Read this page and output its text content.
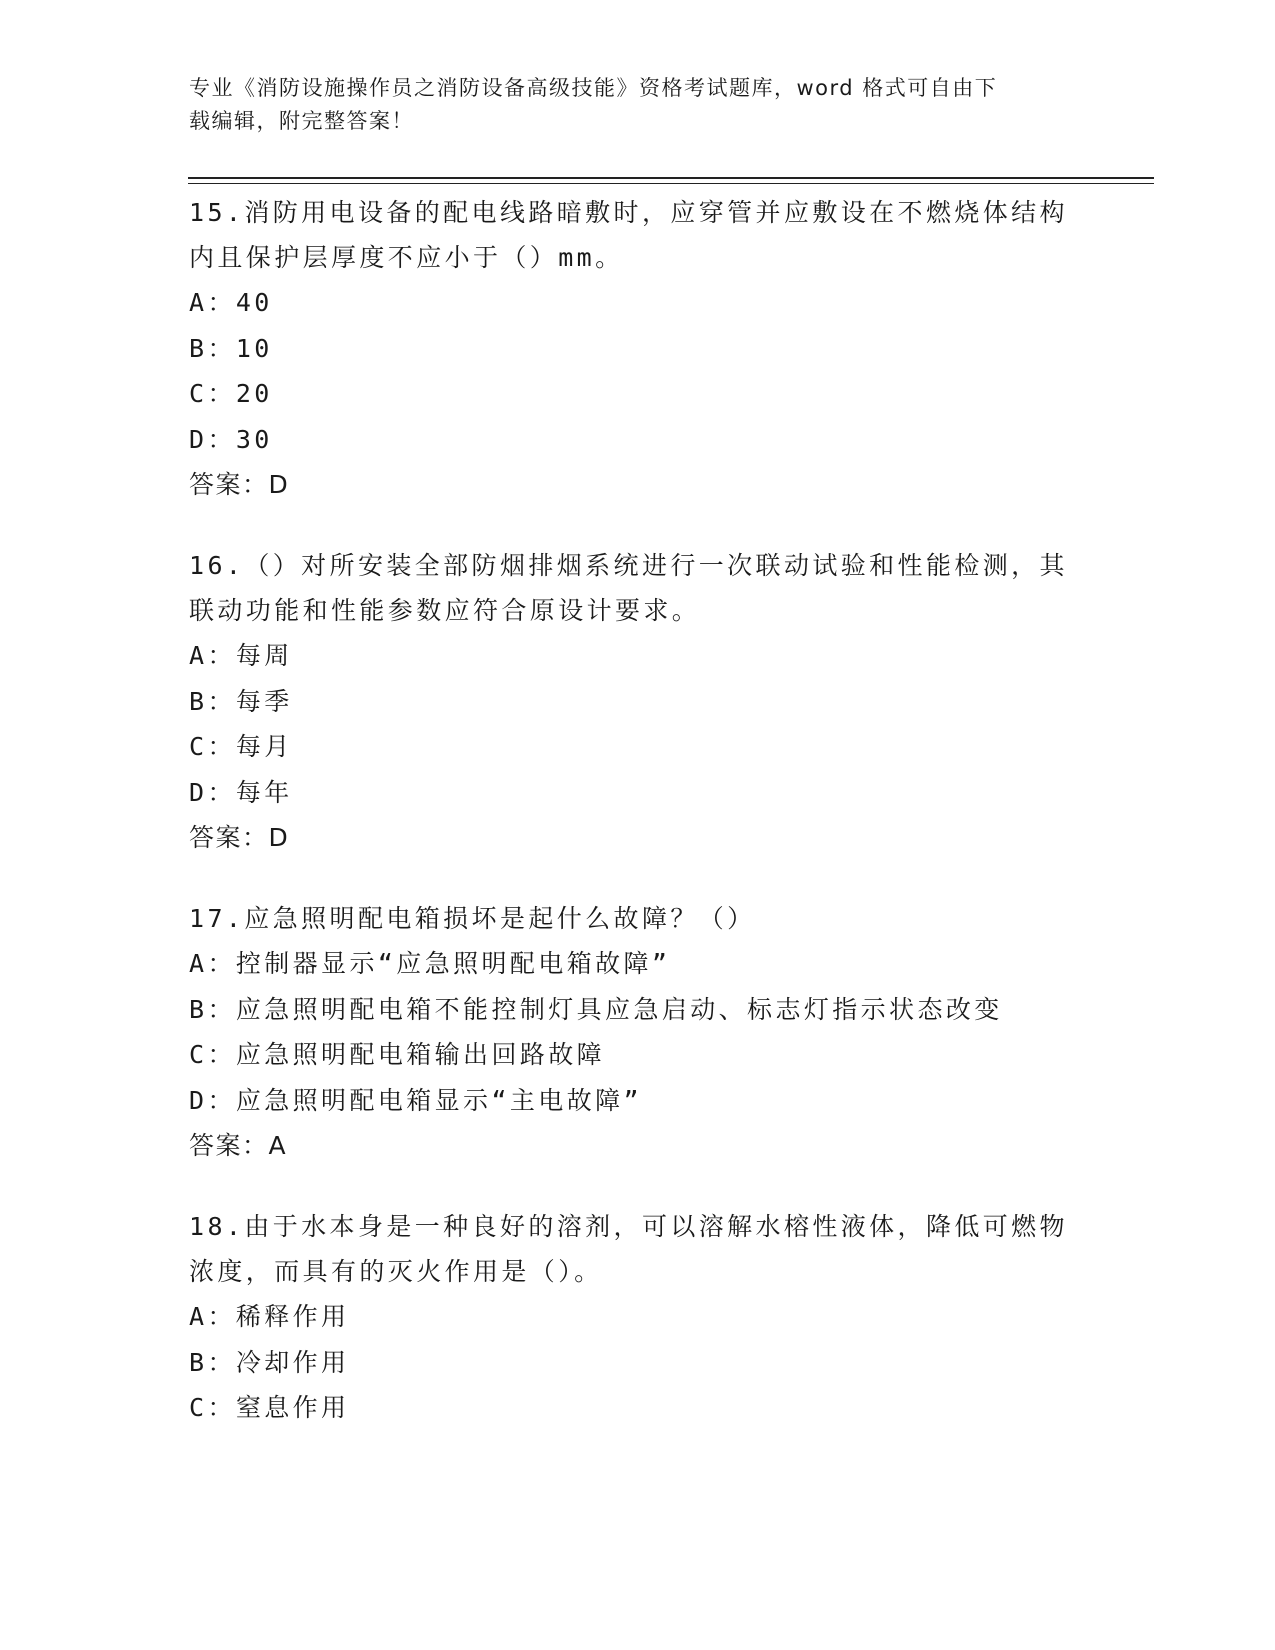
专业《消防设施操作员之消防设备高级技能》资格考试题库，word 格式可自由下
载编辑，附完整答案！
15.消防用电设备的配电线路暗敷时，应穿管并应敷设在不燃烧体结构内且保护层厚度不应小于（）mm。
A：40
B：10
C：20
D：30
答案：D
16.（）对所安装全部防烟排烟系统进行一次联动试验和性能检测，其联动功能和性能参数应符合原设计要求。
A：每周
B：每季
C：每月
D：每年
答案：D
17.应急照明配电箱损坏是起什么故障？（）
A：控制器显示“应急照明配电箱故障”
B：应急照明配电箱不能控制灯具应急启动、标志灯指示状态改变
C：应急照明配电箱输出回路故障
D：应急照明配电箱显示“主电故障”
答案：A
18.由于水本身是一种良好的溶剂，可以溶解水榕性液体，降低可燃物浓度，而具有的灭火作用是（）。
A：稀释作用
B：冷却作用
C：窒息作用
